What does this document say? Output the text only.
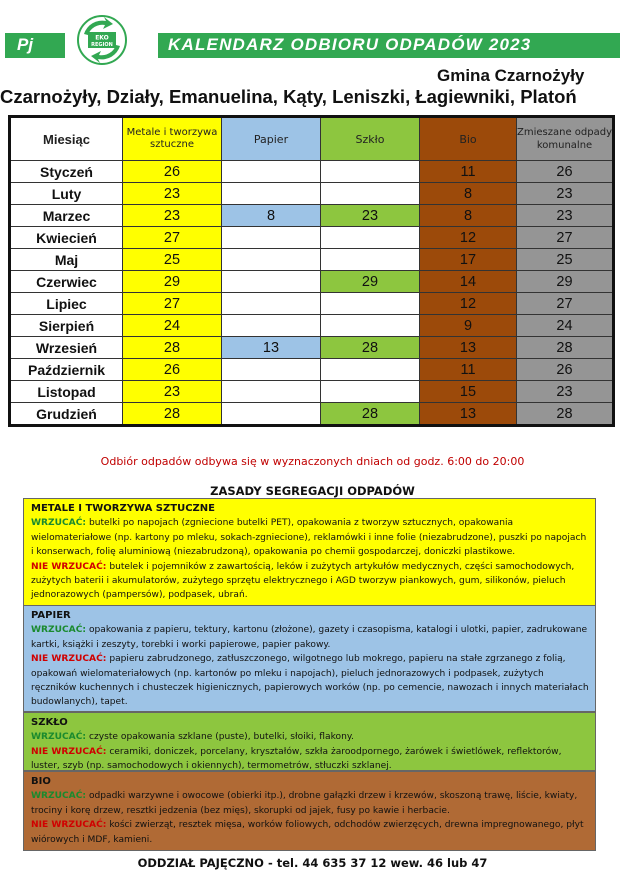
Pj	EKO
REGION	KALENDARZ ODBIORU ODPADÓW 2023
Gmina Czarnożyły
Czarnożyły, Działy, Emanuelina, Kąty, Leniszki, Łagiewniki, Platoń
Miesiąc	Metale i tworzywa sztuczne	Papier	Szkło	Bio	Zmieszane odpady komunalne
Styczeń	26			11	26
Luty	23			8	23
Marzec	23	8	23	8	23
Kwiecień	27			12	27
Maj	25			17	25
Czerwiec	29		29	14	29
Lipiec	27			12	27
Sierpień	24			9	24
Wrzesień	28	13	28	13	28
Październik	26			11	26
Listopad	23			15	23
Grudzień	28		28	13	28
Odbiór odpadów odbywa się w wyznaczonych dniach od godz. 6:00 do 20:00
ZASADY SEGREGACJI ODPADÓW
METALE I TWORZYWA SZTUCZNE
WRZUCAĆ: butelki po napojach (zgniecione butelki PET), opakowania z tworzyw sztucznych, opakowania wielomateriałowe (np. kartony po mleku, sokach-zgniecione), reklamówki i inne folie (niezabrudzone), puszki po napojach i konserwach, folię aluminiową (niezabrudzoną), opakowania po chemii gospodarczej, doniczki plastikowe.
NIE WRZUCAĆ: butelek i pojemników z zawartością, leków i zużytych artykułów medycznych, części samochodowych, zużytych baterii i akumulatorów, zużytego sprzętu elektrycznego i AGD tworzyw piankowych, gum, silikonów, pieluch jednorazowych (pampersów), podpasek, ubrań.
PAPIER
WRZUCAĆ: opakowania z papieru, tektury, kartonu (złożone), gazety i czasopisma, katalogi i ulotki, papier, zadrukowane kartki, książki i zeszyty, torebki i worki papierowe, papier pakowy.
NIE WRZUCAĆ: papieru zabrudzonego, zatłuszczonego, wilgotnego lub mokrego, papieru na stałe zgrzanego z folią, opakowań wielomateriałowych (np. kartonów po mleku i napojach), pieluch jednorazowych i podpasek, zużytych ręczników kuchennych i chusteczek higienicznych, papierowych worków (np. po cemencie, nawozach i innych materiałach budowlanych), tapet.
SZKŁO
WRZUCAĆ: czyste opakowania szklane (puste), butelki, słoiki, flakony.
NIE WRZUCAĆ: ceramiki, doniczek, porcelany, kryształów, szkła żaroodpornego, żarówek i świetlówek, reflektorów, luster, szyb (np. samochodowych i okiennych), termometrów, stłuczki szklanej.
BIO
WRZUCAĆ: odpadki warzywne i owocowe (obierki itp.), drobne gałązki drzew i krzewów, skoszoną trawę, liście, kwiaty, trociny i korę drzew, resztki jedzenia (bez mięs), skorupki od jajek, fusy po kawie i herbacie.
NIE WRZUCAĆ: kości zwierząt, resztek mięsa, worków foliowych, odchodów zwierzęcych, drewna impregnowanego, płyt wiórowych i MDF, kamieni.
ODDZIAŁ PAJĘCZNO - tel. 44 635 37 12 wew. 46 lub 47
